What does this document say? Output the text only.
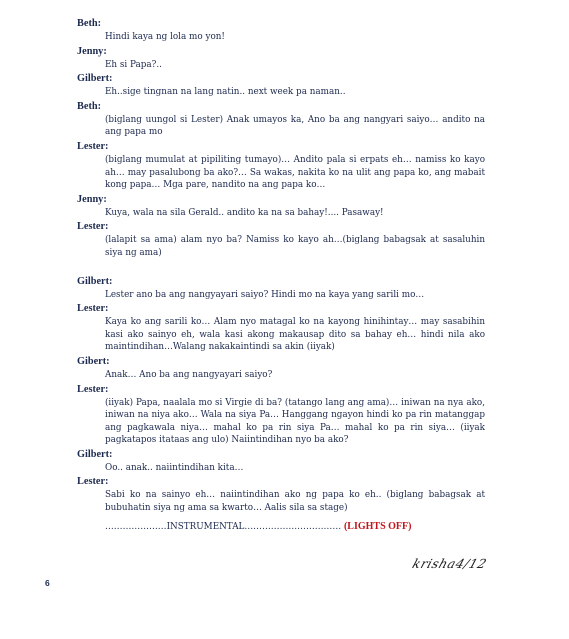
Beth:
Hindi kaya ng lola mo yon!
Jenny:
Eh si Papa?..
Gilbert:
Eh..sige tingnan na lang natin.. next week pa naman..
Beth:
(biglang uungol si Lester) Anak umayos ka, Ano ba ang nangyari saiyo… andito na ang papa mo
Lester:
(biglang mumulat at pipiliting tumayo)… Andito pala si erpats eh… namiss ko kayo ah… may pasalubong ba ako?… Sa wakas, nakita ko na ulit ang papa ko, ang mabait kong papa… Mga pare, nandito na ang papa ko…
Jenny:
Kuya, wala na sila Gerald.. andito ka na sa bahay!.... Pasaway!
Lester:
(lalapit sa ama) alam nyo ba? Namiss ko kayo ah…(biglang babagsak at sasaluhin siya ng ama)
Gilbert:
Lester ano ba ang nangyayari saiyo? Hindi mo na kaya yang sarili mo…
Lester:
Kaya ko ang sarili ko… Alam nyo matagal ko na kayong hinihintay… may sasabihin kasi ako sainyo eh, wala kasi akong makausap dito sa bahay eh… hindi nila ako maintindihan…Walang nakakaintindi sa akin (iiyak)
Gibert:
Anak… Ano ba ang nangyayari saiyo?
Lester:
(iiyak) Papa, naalala mo si Virgie di ba? (tatango lang ang ama)… iniwan na nya ako, iniwan na niya ako… Wala na siya Pa… Hanggang ngayon hindi ko pa rin matanggap ang pagkawala niya… mahal ko pa rin siya Pa… mahal ko pa rin siya… (iiyak pagkatapos itataas ang ulo) Naiintindihan nyo ba ako?
Gilbert:
Oo.. anak.. naiintindihan kita…
Lester:
Sabi ko na sainyo eh… naiintindihan ako ng papa ko eh.. (biglang babagsak at bubuhatin siya ng ama sa kwarto… Aalis sila sa stage)
…………………INSTRUMENTAL…………………………… (LIGHTS OFF)
krisha4/12
6
